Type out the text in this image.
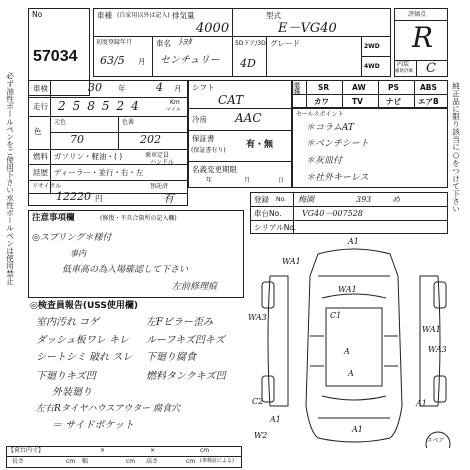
必ず油性ボールペンをご使用下さい水性ボールペンは使用禁止
No
57034
車種 (自家用以外は記入) 排気量
4000
型式
E－VG40
初度登録年月
63/5 月
車名 ﾄﾖﾀ
センチュリー
5Dドア/3D
4D
グレード	2WD
4WD
評価点
R
内装
補助評価 C
純正品に限り該当に○をつけて下さい
車検	30 年	4 月
走行 258524	Km
マイル
色
元色
70
色番
202
燃料 ガソリン・軽油・( )	乗車定員
経歴 ディーラー・並行・右・左
ハンドル
リサイクル
12220 円
預託済
有
シフト
CAT
冷房 AAC
保証書
(保証書有り)
有・無
名義変更期限
年	月	日
装備 SR	AW	PS	ABS
カワ	TV	ナビ エアB
セールスポイント
＊コラムAT
＊ベンチシート
＊灰皿付
＊社外キーレス
登録 No. 梅園	393	め
車台No.	VG40－007528
シリアルNo.
注意事項欄	(修復・不具合箇所の記入欄)
◎スプリング＊様付
事内
低車高の為入場確認して下さい
左前修理痕
◎検査員報告(USS使用欄)
室内汚れ コゲ
ダッシュ板ワレ キレ
シートシミ 破れ スレ
下廻りキズ凹
外装廻り
左右Rタイヤハウスアウター 腐食穴
＝ サイドポケット
左Fピラー歪み
ルーフキズ凹キズ
下廻り腐食
燃料タンクキズ凹
A1
WA1
C1
WA1
WA3
A
A
WA1
C2
A1
W2
A1
WA3
A1
スペア
【荷台内寸】	×	×	cm
長さ	cm 幅	cm 高さ	cm (車検証による)
